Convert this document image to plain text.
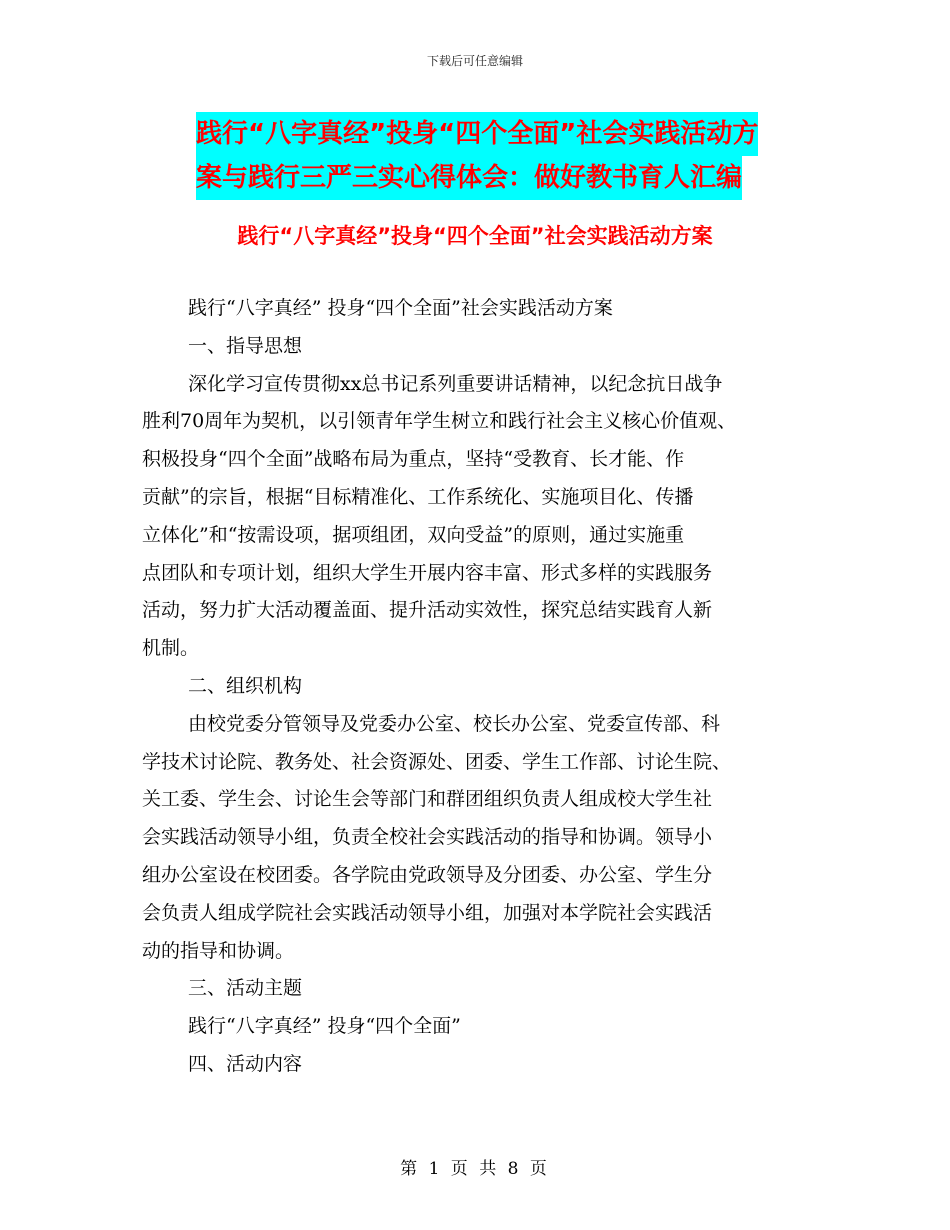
下载后可任意编辑
践行“八字真经”投身“四个全面”社会实践活动方
案与践行三严三实心得体会：做好教书育人汇编
践行“八字真经”投身“四个全面”社会实践活动方案

践行“八字真经” 投身“四个全面”社会实践活动方案

一、指导思想

深化学习宣传贯彻xx总书记系列重要讲话精神，以纪念抗日战争

胜利70周年为契机，以引领青年学生树立和践行社会主义核心价值观、

积极投身“四个全面”战略布局为重点，坚持“受教育、长才能、作

贡献”的宗旨，根据“目标精准化、工作系统化、实施项目化、传播

立体化”和“按需设项，据项组团，双向受益”的原则，通过实施重

点团队和专项计划，组织大学生开展内容丰富、形式多样的实践服务

活动，努力扩大活动覆盖面、提升活动实效性，探究总结实践育人新

机制。

二、组织机构

由校党委分管领导及党委办公室、校长办公室、党委宣传部、科

学技术讨论院、教务处、社会资源处、团委、学生工作部、讨论生院、

关工委、学生会、讨论生会等部门和群团组织负责人组成校大学生社

会实践活动领导小组，负责全校社会实践活动的指导和协调。领导小

组办公室设在校团委。各学院由党政领导及分团委、办公室、学生分

会负责人组成学院社会实践活动领导小组，加强对本学院社会实践活

动的指导和协调。

三、活动主题

践行“八字真经” 投身“四个全面”

四、活动内容

第 1 页 共 8 页
